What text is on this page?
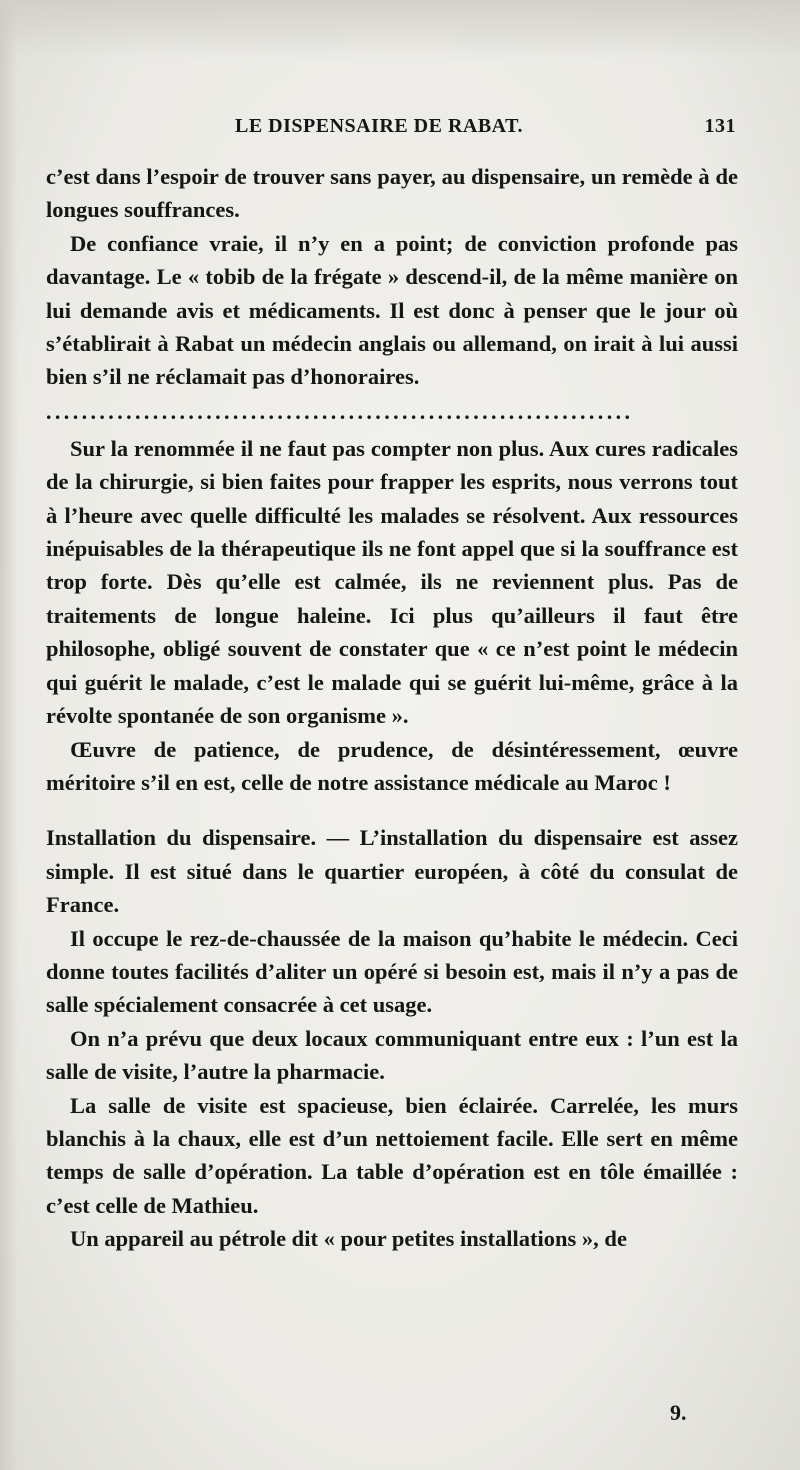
LE DISPENSAIRE DE RABAT.	131

c’est dans l’espoir de trouver sans payer, au dispensaire, un remède à de longues souffrances.

De confiance vraie, il n’y en a point; de conviction profonde pas davantage. Le « tobib de la frégate » descend-il, de la même manière on lui demande avis et médicaments. Il est donc à penser que le jour où s’établirait à Rabat un médecin anglais ou allemand, on irait à lui aussi bien s’il ne réclamait pas d’honoraires.

..................................................................

Sur la renommée il ne faut pas compter non plus. Aux cures radicales de la chirurgie, si bien faites pour frapper les esprits, nous verrons tout à l’heure avec quelle difficulté les malades se résolvent. Aux ressources inépuisables de la thérapeutique ils ne font appel que si la souffrance est trop forte. Dès qu’elle est calmée, ils ne reviennent plus. Pas de traitements de longue haleine. Ici plus qu’ailleurs il faut être philosophe, obligé souvent de constater que « ce n’est point le médecin qui guérit le malade, c’est le malade qui se guérit lui-même, grâce à la révolte spontanée de son organisme ».

Œuvre de patience, de prudence, de désintéressement, œuvre méritoire s’il en est, celle de notre assistance médicale au Maroc !

Installation du dispensaire. — L’installation du dispensaire est assez simple. Il est situé dans le quartier européen, à côté du consulat de France.

Il occupe le rez-de-chaussée de la maison qu’habite le médecin. Ceci donne toutes facilités d’aliter un opéré si besoin est, mais il n’y a pas de salle spécialement consacrée à cet usage.

On n’a prévu que deux locaux communiquant entre eux : l’un est la salle de visite, l’autre la pharmacie.

La salle de visite est spacieuse, bien éclairée. Carrelée, les murs blanchis à la chaux, elle est d’un nettoiement facile. Elle sert en même temps de salle d’opération. La table d’opération est en tôle émaillée : c’est celle de Mathieu.

Un appareil au pétrole dit « pour petites installations », de

9.
